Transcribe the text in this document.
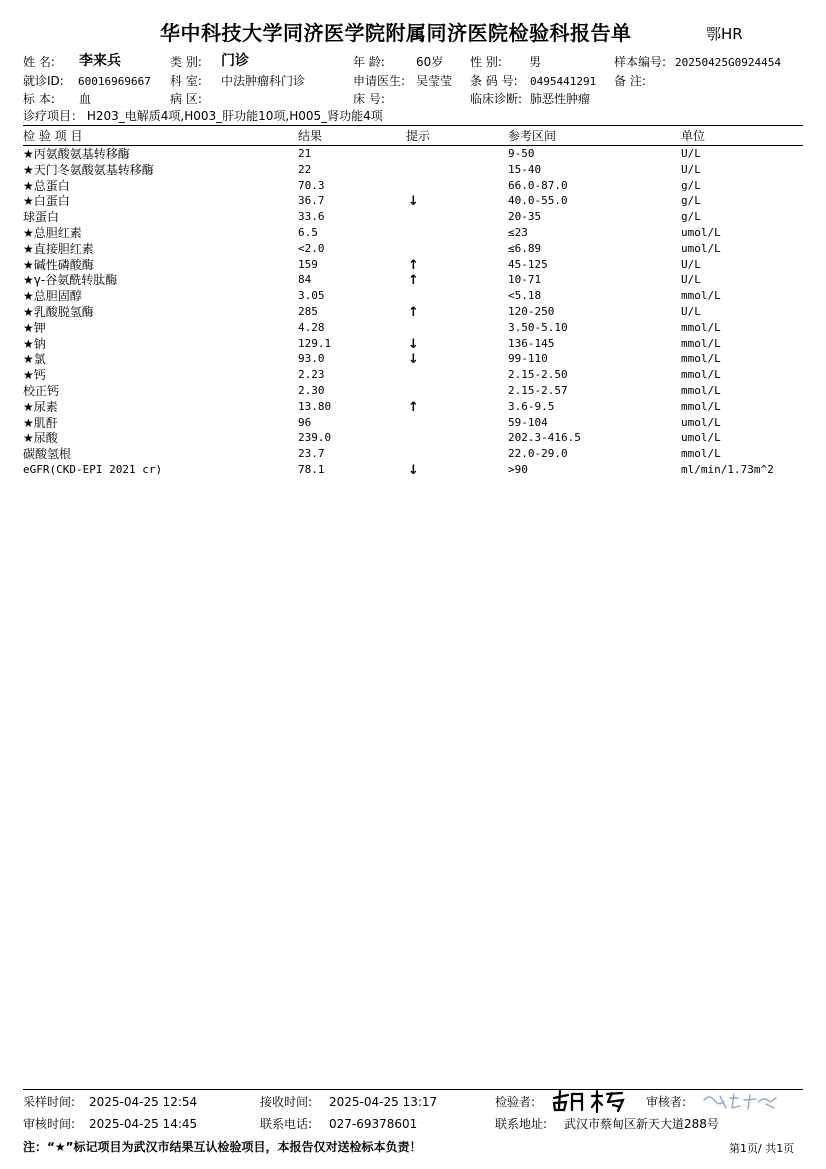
华中科技大学同济医学院附属同济医院检验科报告单	鄂HR
姓 名: 李来兵	类 别: 门诊	年 龄:	60岁 性 别: 男	样本编号: 20250425G0924454
就诊ID: 60016969667 科 室: 中法肿瘤科门诊	申请医生: 吴莹莹 条 码 号: 0495441291 备 注:
标 本: 血	病 区:	床 号:	临床诊断: 肺恶性肿瘤
诊疗项目： H203_电解质4项,H003_肝功能10项,H005_肾功能4项
检 验 项 目	结果	提示	参考区间	单位
★丙氨酸氨基转移酶	21	9-50	U/L
★天门冬氨酸氨基转移酶	22	15-40	U/L
★总蛋白	70.3	66.0-87.0	g/L
★白蛋白	36.7	↓	40.0-55.0	g/L
球蛋白	33.6	20-35	g/L
★总胆红素	6.5	≤23	umol/L
★直接胆红素	<2.0	≤6.89	umol/L
★碱性磷酸酶	159	↑	45-125	U/L
★γ-谷氨酰转肽酶	84	↑	10-71	U/L
★总胆固醇	3.05	<5.18	mmol/L
★乳酸脱氢酶	285	↑	120-250	U/L
★钾	4.28	3.50-5.10	mmol/L
★钠	129.1	↓	136-145	mmol/L
★氯	93.0	↓	99-110	mmol/L
★钙	2.23	2.15-2.50	mmol/L
校正钙	2.30	2.15-2.57	mmol/L
★尿素	13.80	↑	3.6-9.5	mmol/L
★肌酐	96	59-104	umol/L
★尿酸	239.0	202.3-416.5	umol/L
碳酸氢根	23.7	22.0-29.0	mmol/L
eGFR(CKD-EPI 2021 cr)	78.1	↓	>90	ml/min/1.73m^2
采样时间: 2025-04-25 12:54	接收时间: 2025-04-25 13:17	检验者:	审核者:
审核时间: 2025-04-25 14:45	联系电话: 027-69378601	联系地址: 武汉市蔡甸区新天大道288号
注：“★”标记项目为武汉市结果互认检验项目，本报告仅对送检标本负责！	第1页/ 共1页
